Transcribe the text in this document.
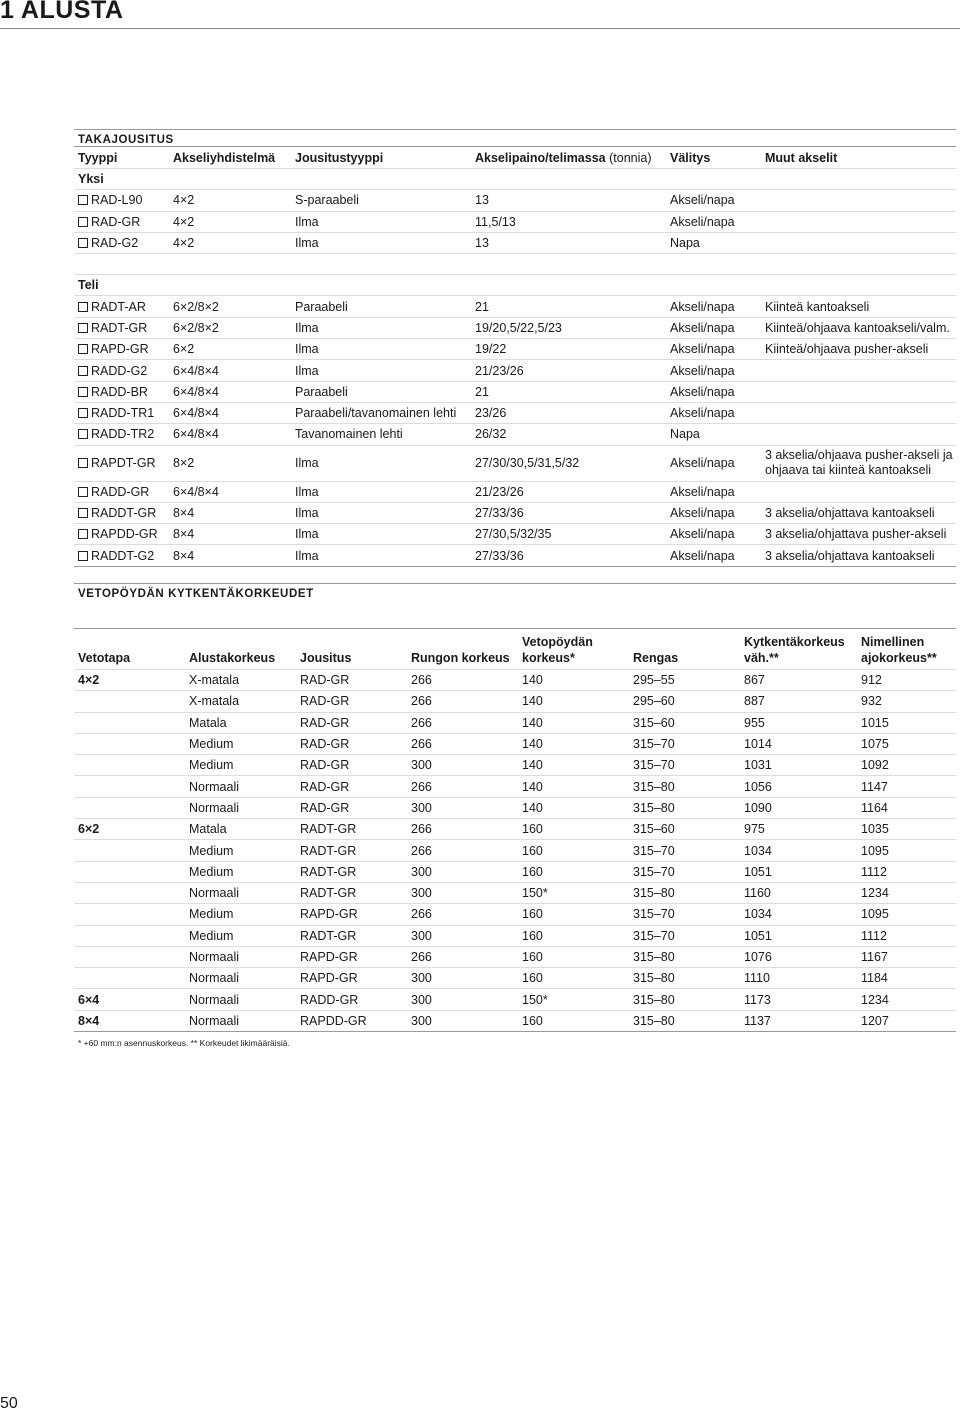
1 ALUSTA
TAKAJOUSITUS
Tyyppi	Akseliyhdistelmä	Jousitustyyppi	Akselipaino/telimassa (tonnia)	Välitys	Muut akselit
Yksi					
RAD-L90	4×2	S-paraabeli	13	Akseli/napa	
RAD-GR	4×2	Ilma	11,5/13	Akseli/napa	
RAD-G2	4×2	Ilma	13	Napa	

Teli					
RADT-AR	6×2/8×2	Paraabeli	21	Akseli/napa	Kiinteä kantoakseli
RADT-GR	6×2/8×2	Ilma	19/20,5/22,5/23	Akseli/napa	Kiinteä/ohjaava kantoakseli/valm.
RAPD-GR	6×2	Ilma	19/22	Akseli/napa	Kiinteä/ohjaava pusher-akseli
RADD-G2	6×4/8×4	Ilma	21/23/26	Akseli/napa	
RADD-BR	6×4/8×4	Paraabeli	21	Akseli/napa	
RADD-TR1	6×4/8×4	Paraabeli/tavanomainen lehti	23/26	Akseli/napa	
RADD-TR2	6×4/8×4	Tavanomainen lehti	26/32	Napa	
RAPDT-GR	8×2	Ilma	27/30/30,5/31,5/32	Akseli/napa	3 akselia/ohjaava pusher-akseli ja ohjaava tai kiinteä kantoakseli
RADD-GR	6×4/8×4	Ilma	21/23/26	Akseli/napa	
RADDT-GR	8×4	Ilma	27/33/36	Akseli/napa	3 akselia/ohjattava kantoakseli
RAPDD-GR	8×4	Ilma	27/30,5/32/35	Akseli/napa	3 akselia/ohjattava pusher-akseli
RADDT-G2	8×4	Ilma	27/33/36	Akseli/napa	3 akselia/ohjattava kantoakseli
VETOPÖYDÄN KYTKENTÄKORKEUDET
Vetotapa	Alustakorkeus	Jousitus	Rungon korkeus	Vetopöydän korkeus*	Rengas	Kytkentäkorkeus väh.**	Nimellinen ajokorkeus**
4×2	X-matala	RAD-GR	266	140	295–55	867	912
	X-matala	RAD-GR	266	140	295–60	887	932
	Matala	RAD-GR	266	140	315–60	955	1015
	Medium	RAD-GR	266	140	315–70	1014	1075
	Medium	RAD-GR	300	140	315–70	1031	1092
	Normaali	RAD-GR	266	140	315–80	1056	1147
	Normaali	RAD-GR	300	140	315–80	1090	1164
6×2	Matala	RADT-GR	266	160	315–60	975	1035
	Medium	RADT-GR	266	160	315–70	1034	1095
	Medium	RADT-GR	300	160	315–70	1051	1112
	Normaali	RADT-GR	300	150*	315–80	1160	1234
	Medium	RAPD-GR	266	160	315–70	1034	1095
	Medium	RADT-GR	300	160	315–70	1051	1112
	Normaali	RAPD-GR	266	160	315–80	1076	1167
	Normaali	RAPD-GR	300	160	315–80	1110	1184
6×4	Normaali	RADD-GR	300	150*	315–80	1173	1234
8×4	Normaali	RAPDD-GR	300	160	315–80	1137	1207
* +60 mm:n asennuskorkeus. ** Korkeudet likimääräisiä.
50
